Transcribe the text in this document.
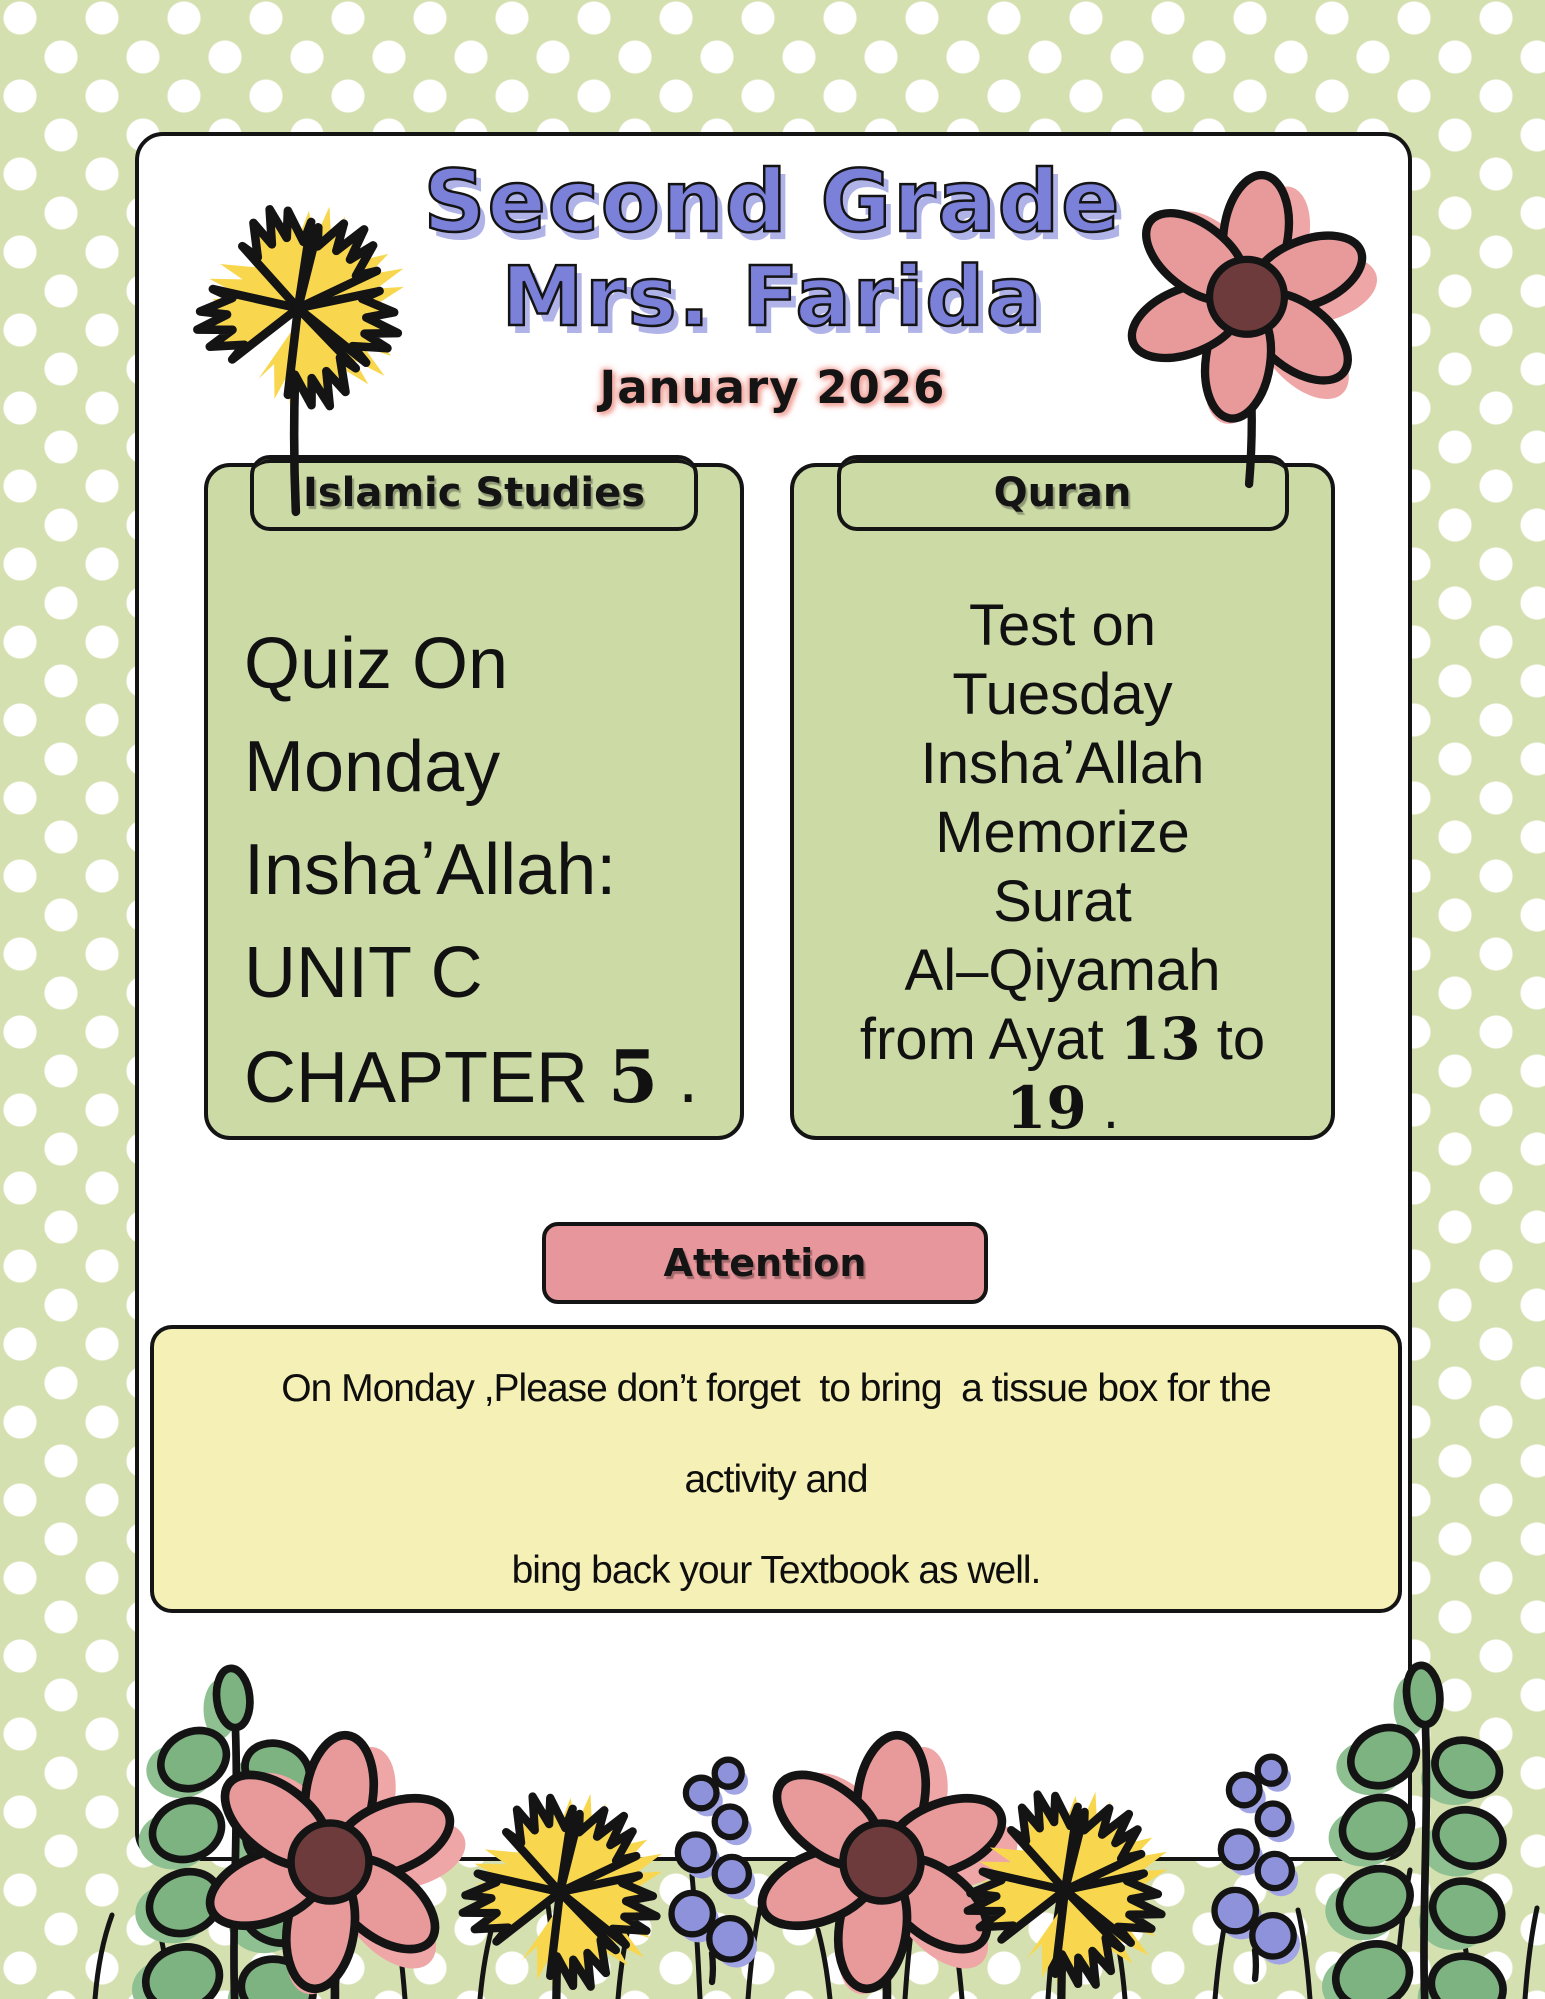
Second Grade
Mrs. Farida
January 2026
Islamic Studies
Quiz On
Monday
InshaʼAllah:
UNIT C
CHAPTER 5 .
Quran
Test on
Tuesday
InshaʼAllah
Memorize
Surat
Al–Qiyamah
from Ayat 13 to
19 .
Attention

On Monday ,Please don’t forget  to bring  a tissue box for the

activity and

bing back your Textbook as well.
